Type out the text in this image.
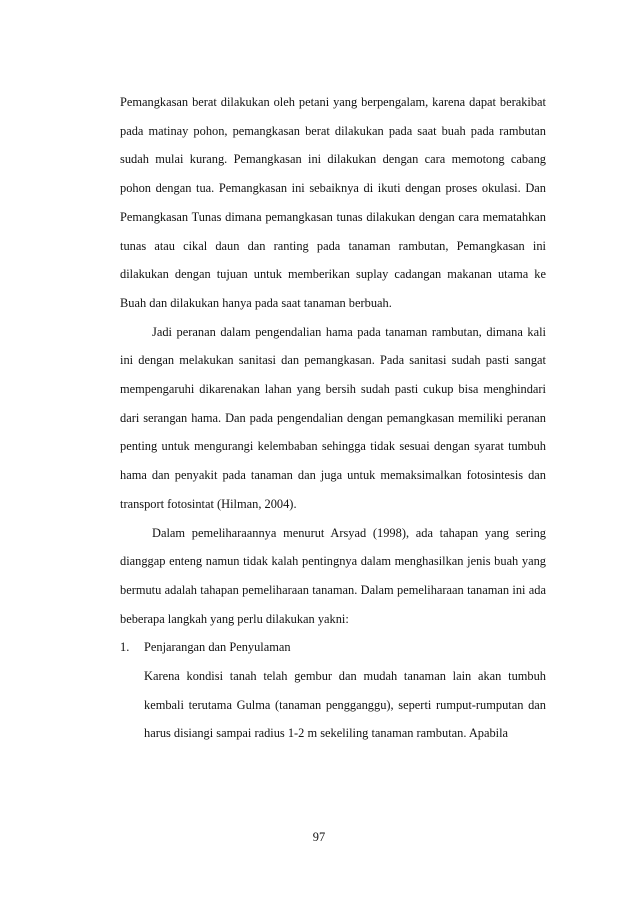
Pemangkasan berat dilakukan oleh petani yang berpengalam, karena dapat berakibat pada matinay pohon, pemangkasan berat dilakukan pada saat buah pada rambutan sudah mulai kurang. Pemangkasan ini dilakukan dengan cara memotong cabang pohon dengan tua. Pemangkasan ini sebaiknya di ikuti dengan proses okulasi. Dan Pemangkasan Tunas dimana pemangkasan tunas dilakukan dengan cara mematahkan tunas atau cikal daun dan ranting pada tanaman rambutan, Pemangkasan ini dilakukan dengan tujuan untuk memberikan suplay cadangan makanan utama ke Buah dan dilakukan hanya pada saat tanaman berbuah.

Jadi peranan dalam pengendalian hama pada tanaman rambutan, dimana kali ini dengan melakukan sanitasi dan pemangkasan. Pada sanitasi sudah pasti sangat mempengaruhi dikarenakan lahan yang bersih sudah pasti cukup bisa menghindari dari serangan hama. Dan pada pengendalian dengan pemangkasan memiliki peranan penting untuk mengurangi kelembaban sehingga tidak sesuai dengan syarat tumbuh hama dan penyakit pada tanaman dan juga untuk memaksimalkan fotosintesis dan transport fotosintat (Hilman, 2004).

Dalam pemeliharaannya menurut Arsyad (1998), ada tahapan yang sering dianggap enteng namun tidak kalah pentingnya dalam menghasilkan jenis buah yang bermutu adalah tahapan pemeliharaan tanaman. Dalam pemeliharaan tanaman ini ada beberapa langkah yang perlu dilakukan yakni:

1.	Penjarangan dan Penyulaman

Karena kondisi tanah telah gembur dan mudah tanaman lain akan tumbuh kembali terutama Gulma (tanaman pengganggu), seperti rumput-rumputan dan harus disiangi sampai radius 1-2 m sekeliling tanaman rambutan. Apabila

97
